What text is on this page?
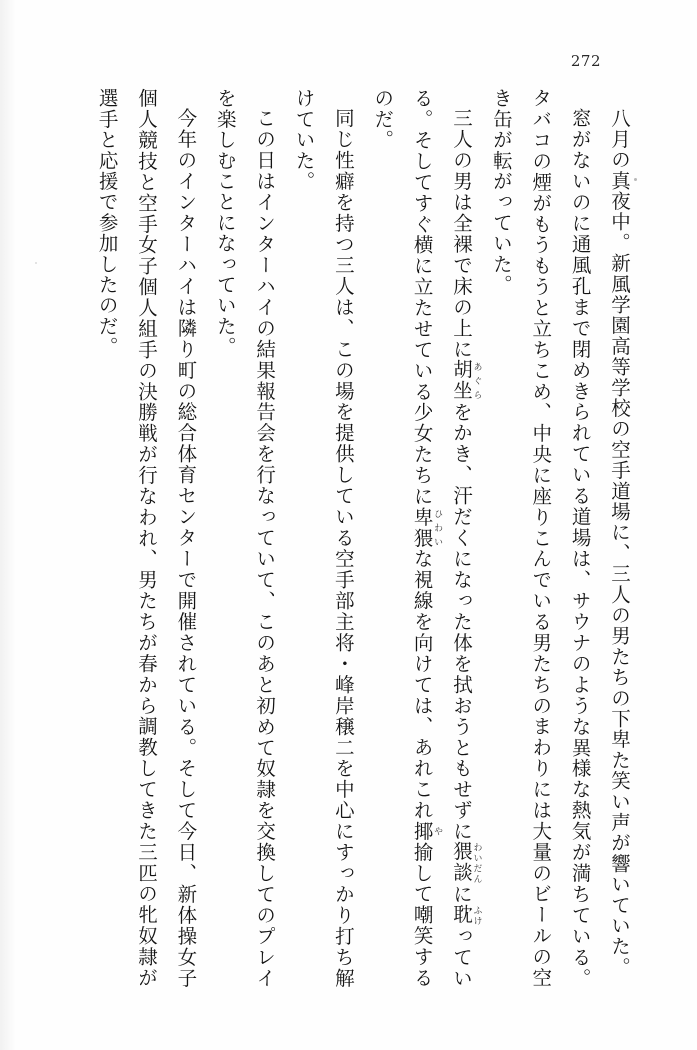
272

八月の真夜中。新風学園高等学校の空手道場に、三人の男たちの下卑た笑い声が響いていた。

窓がないのに通風孔まで閉めきられている道場は、サウナのような異様な熱気が満ちている。タバコの煙がもうもうと立ちこめ、中央に座りこんでいる男たちのまわりには大量のビールの空き缶が転がっていた。

三人の男は全裸で床の上に胡坐あぐらをかき、汗だくになった体を拭おうともせずに猥談わいだんに耽ふけっている。そしてすぐ横に立たせている少女たちに卑猥ひわいな視線を向けては、あれこれ揶や揄して嘲笑するのだ。

同じ性癖を持つ三人は、この場を提供している空手部主将・峰岸穣二を中心にすっかり打ち解けていた。

この日はインターハイの結果報告会を行なっていて、このあと初めて奴隷を交換してのプレイを楽しむことになっていた。

今年のインターハイは隣り町の総合体育センターで開催されている。そして今日、新体操女子個人競技と空手女子個人組手の決勝戦が行なわれ、男たちが春から調教してきた三匹の牝奴隷が選手と応援で参加したのだ。
